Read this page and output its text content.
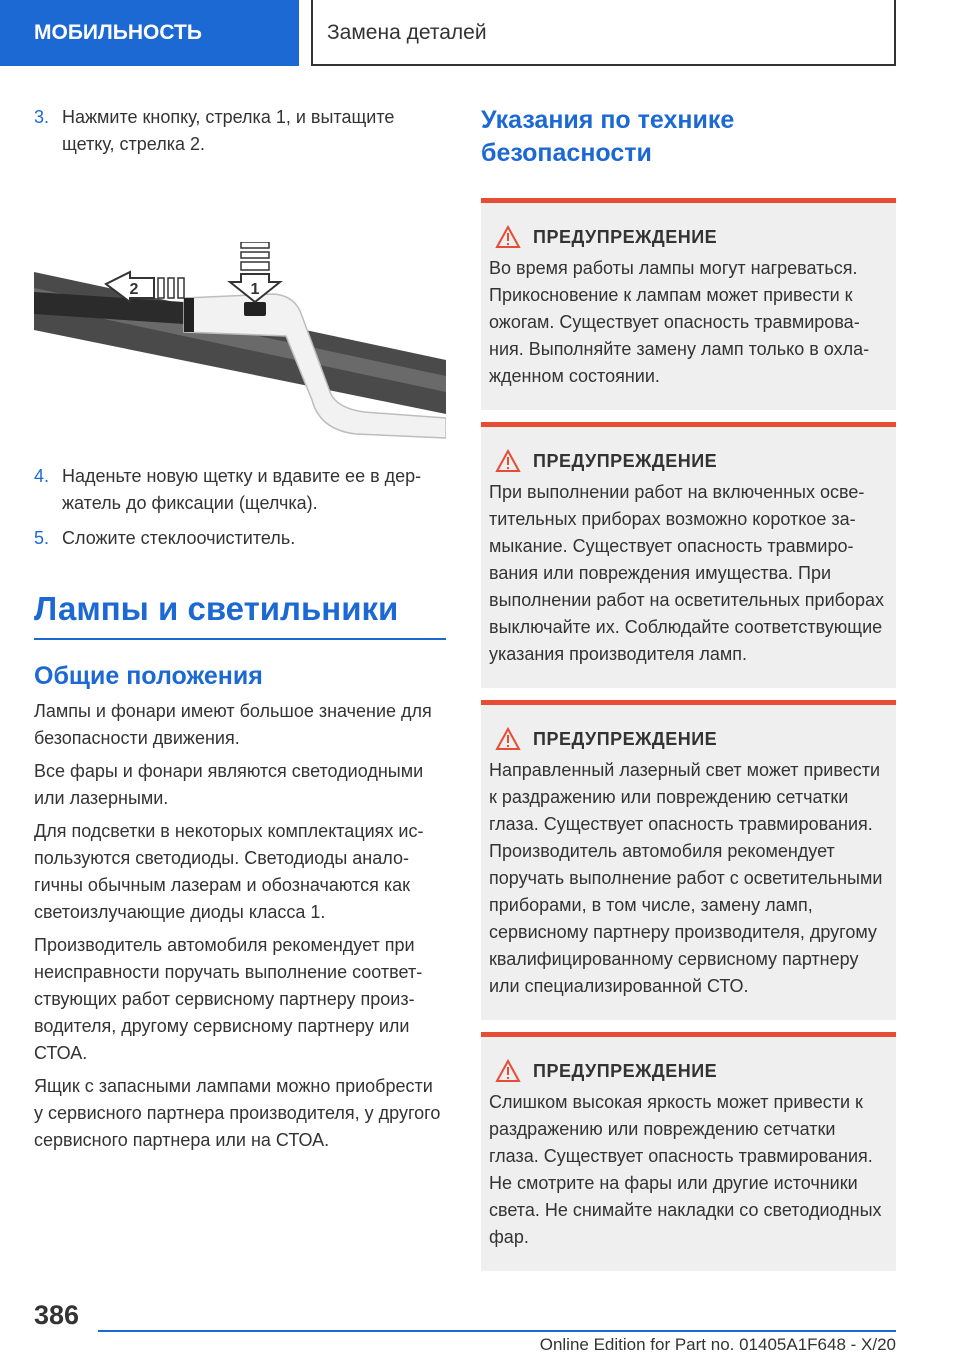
МОБИЛЬНОСТЬ	Замена деталей
3. Нажмите кнопку, стрелка 1, и вытащите щетку, стрелка 2.
1
2
4. Наденьте новую щетку и вдавите ее в держатель до фиксации (щелчка).
5. Сложите стеклоочиститель.
Лампы и светильники
Общие положения

Лампы и фонари имеют большое значение для безопасности движения.

Все фары и фонари являются светодиодными или лазерными.

Для подсветки в некоторых комплектациях используются светодиоды. Светодиоды аналогичны обычным лазерам и обозначаются как светоизлучающие диоды класса 1.

Производитель автомобиля рекомендует при неисправности поручать выполнение соответствующих работ сервисному партнеру производителя, другому сервисному партнеру или СТОА.

Ящик с запасными лампами можно приобрести у сервисного партнера производителя, у другого сервисного партнера или на СТОА.

Указания по технике безопасности
ПРЕДУПРЕЖДЕНИЕ

Во время работы лампы могут нагреваться. Прикосновение к лампам может привести к ожогам. Существует опасность травмирования. Выполняйте замену ламп только в охлажденном состоянии.

ПРЕДУПРЕЖДЕНИЕ

При выполнении работ на включенных осветительных приборах возможно короткое замыкание. Существует опасность травмирования или повреждения имущества. При выполнении работ на осветительных приборах выключайте их. Соблюдайте соответствующие указания производителя ламп.

ПРЕДУПРЕЖДЕНИЕ

Направленный лазерный свет может привести к раздражению или повреждению сетчатки глаза. Существует опасность травмирования. Производитель автомобиля рекомендует поручать выполнение работ с осветительными приборами, в том числе, замену ламп, сервисному партнеру производителя, другому квалифицированному сервисному партнеру или специализированной СТО.

ПРЕДУПРЕЖДЕНИЕ

Слишком высокая яркость может привести к раздражению или повреждению сетчатки глаза. Существует опасность травмирования. Не смотрите на фары или другие источники света. Не снимайте накладки со светодиодных фар.

386
Online Edition for Part no. 01405A1F648 - X/20
